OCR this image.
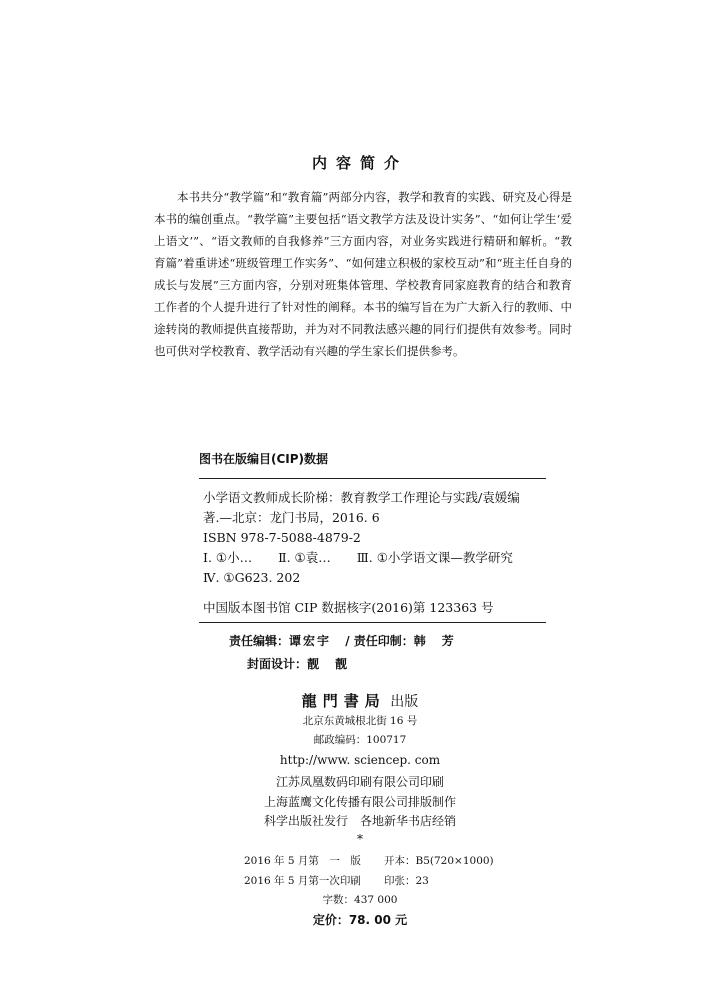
内容简介

本书共分“教学篇”和“教育篇”两部分内容，教学和教育的实践、研究及心得是本书的编创重点。“教学篇”主要包括“语文教学方法及设计实务”、“如何让学生‘爱上语文’”、“语文教师的自我修养”三方面内容，对业务实践进行精研和解析。“教育篇”着重讲述“班级管理工作实务”、“如何建立积极的家校互动”和“班主任自身的成长与发展”三方面内容，分别对班集体管理、学校教育同家庭教育的结合和教育工作者的个人提升进行了针对性的阐释。本书的编写旨在为广大新入行的教师、中途转岗的教师提供直接帮助，并为对不同教法感兴趣的同行们提供有效参考。同时也可供对学校教育、教学活动有兴趣的学生家长们提供参考。

图书在版编目(CIP)数据

小学语文教师成长阶梯：教育教学工作理论与实践/袁媛编

著.—北京：龙门书局，2016. 6

ISBN 978-7-5088-4879-2

Ⅰ. ①小… Ⅱ. ①袁… Ⅲ. ①小学语文课—教学研究
Ⅳ. ①G623. 202
中国版本图书馆 CIP 数据核字(2016)第 123363 号
责任编辑：谭宏宇 / 责任印制：韩　芳
封面设计：靓　靓
龍門書局 出版
北京东黄城根北街 16 号
邮政编码：100717
http://www. sciencep. com
江苏凤凰数码印刷有限公司印刷
上海蓝鹰文化传播有限公司排版制作
科学出版社发行　各地新华书店经销
*
2016 年 5 月第　一　版 开本：B5(720×1000)
2016 年 5 月第一次印刷 印张：23
字数：437 000
定价：78. 00 元
